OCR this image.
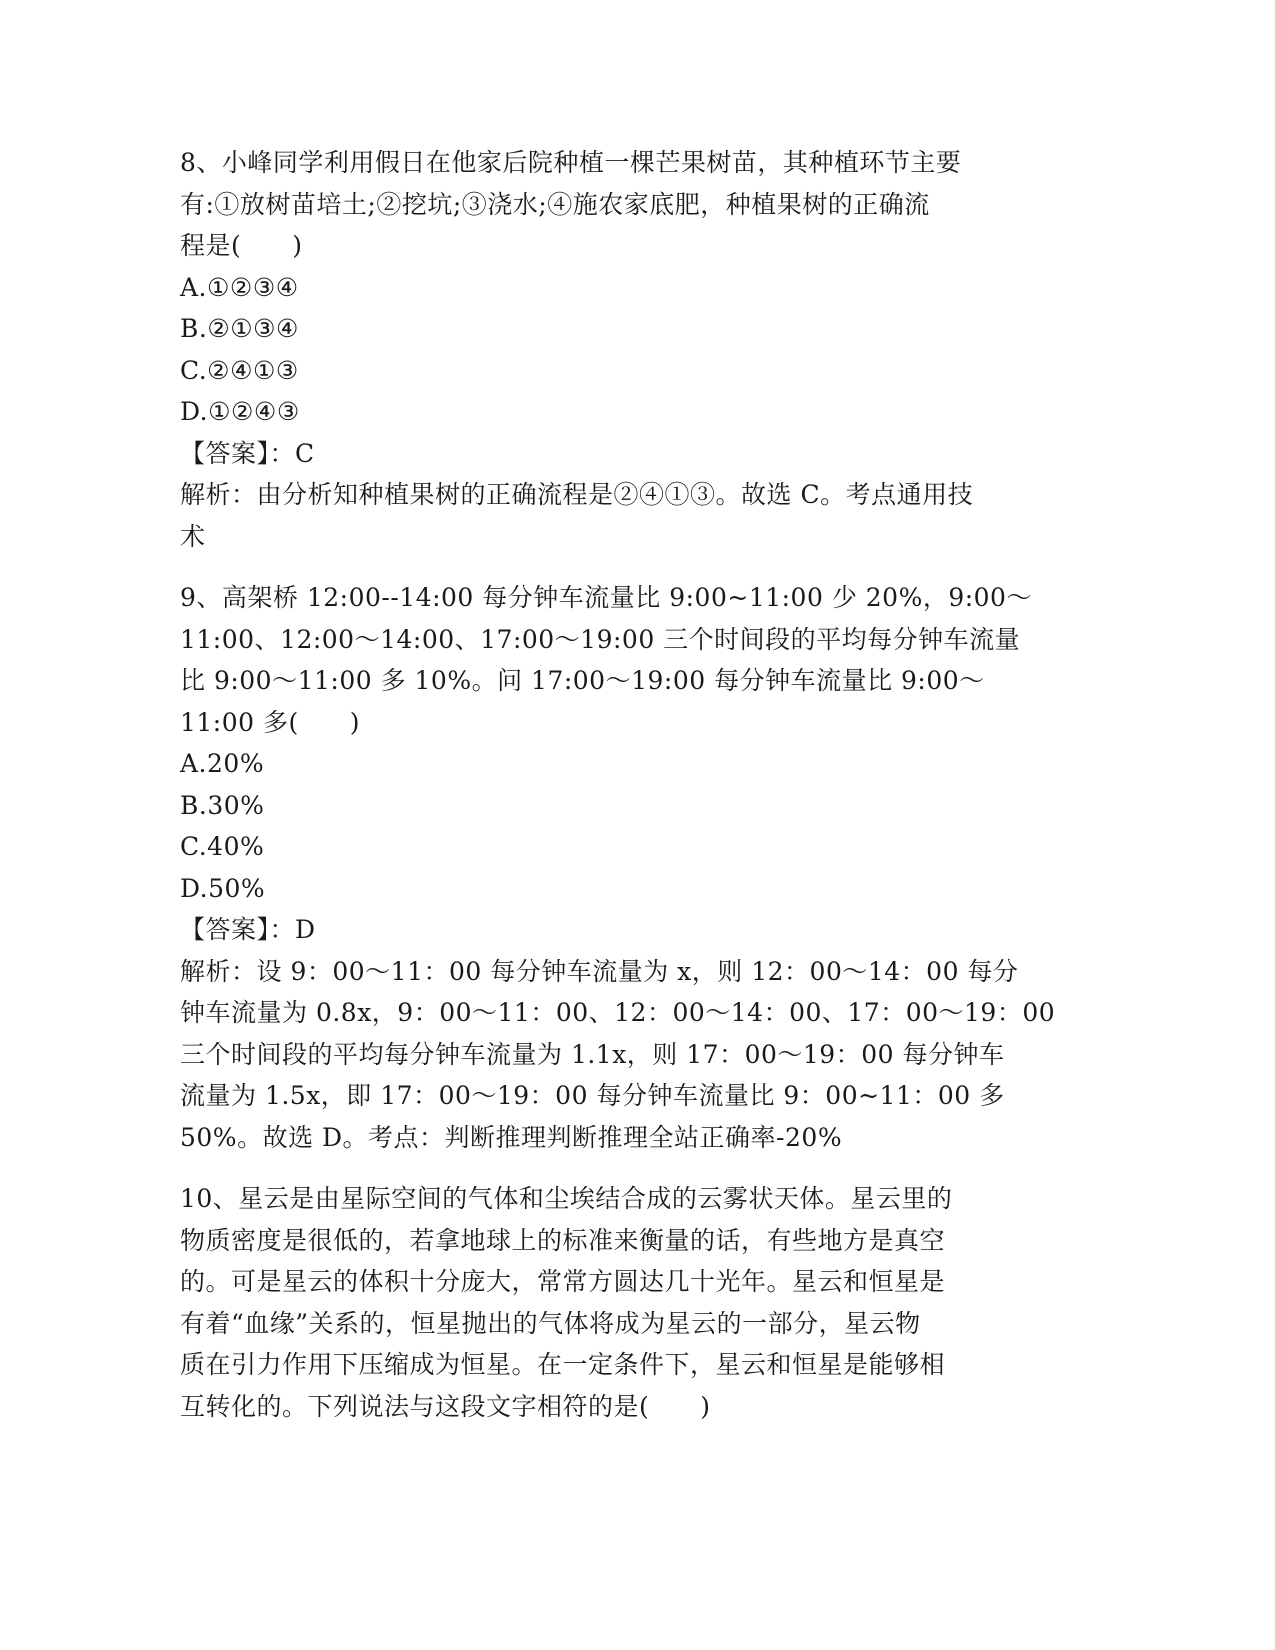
8、小峰同学利用假日在他家后院种植一棵芒果树苗，其种植环节主要
有:①放树苗培土;②挖坑;③浇水;④施农家底肥，种植果树的正确流
程是(　　)
A.①②③④
B.②①③④
C.②④①③
D.①②④③
【答案】：C
解析：由分析知种植果树的正确流程是②④①③。故选 C。考点通用技
术
9、高架桥 12:00--14:00 每分钟车流量比 9:00~11:00 少 20%，9:00～
11:00、12:00～14:00、17:00～19:00 三个时间段的平均每分钟车流量
比 9:00～11:00 多 10%。问 17:00～19:00 每分钟车流量比 9:00～
11:00 多(　　)
A.20%
B.30%
C.40%
D.50%
【答案】：D
解析：设 9：00～11：00 每分钟车流量为 x，则 12：00～14：00 每分
钟车流量为 0.8x，9：00～11：00、12：00～14：00、17：00～19：00
三个时间段的平均每分钟车流量为 1.1x，则 17：00～19：00 每分钟车
流量为 1.5x，即 17：00～19：00 每分钟车流量比 9：00~11：00 多
50%。故选 D。考点：判断推理判断推理全站正确率-20%
10、星云是由星际空间的气体和尘埃结合成的云雾状天体。星云里的
物质密度是很低的，若拿地球上的标准来衡量的话，有些地方是真空
的。可是星云的体积十分庞大，常常方圆达几十光年。星云和恒星是
有着“血缘”关系的，恒星抛出的气体将成为星云的一部分，星云物
质在引力作用下压缩成为恒星。在一定条件下，星云和恒星是能够相
互转化的。下列说法与这段文字相符的是(　　)
